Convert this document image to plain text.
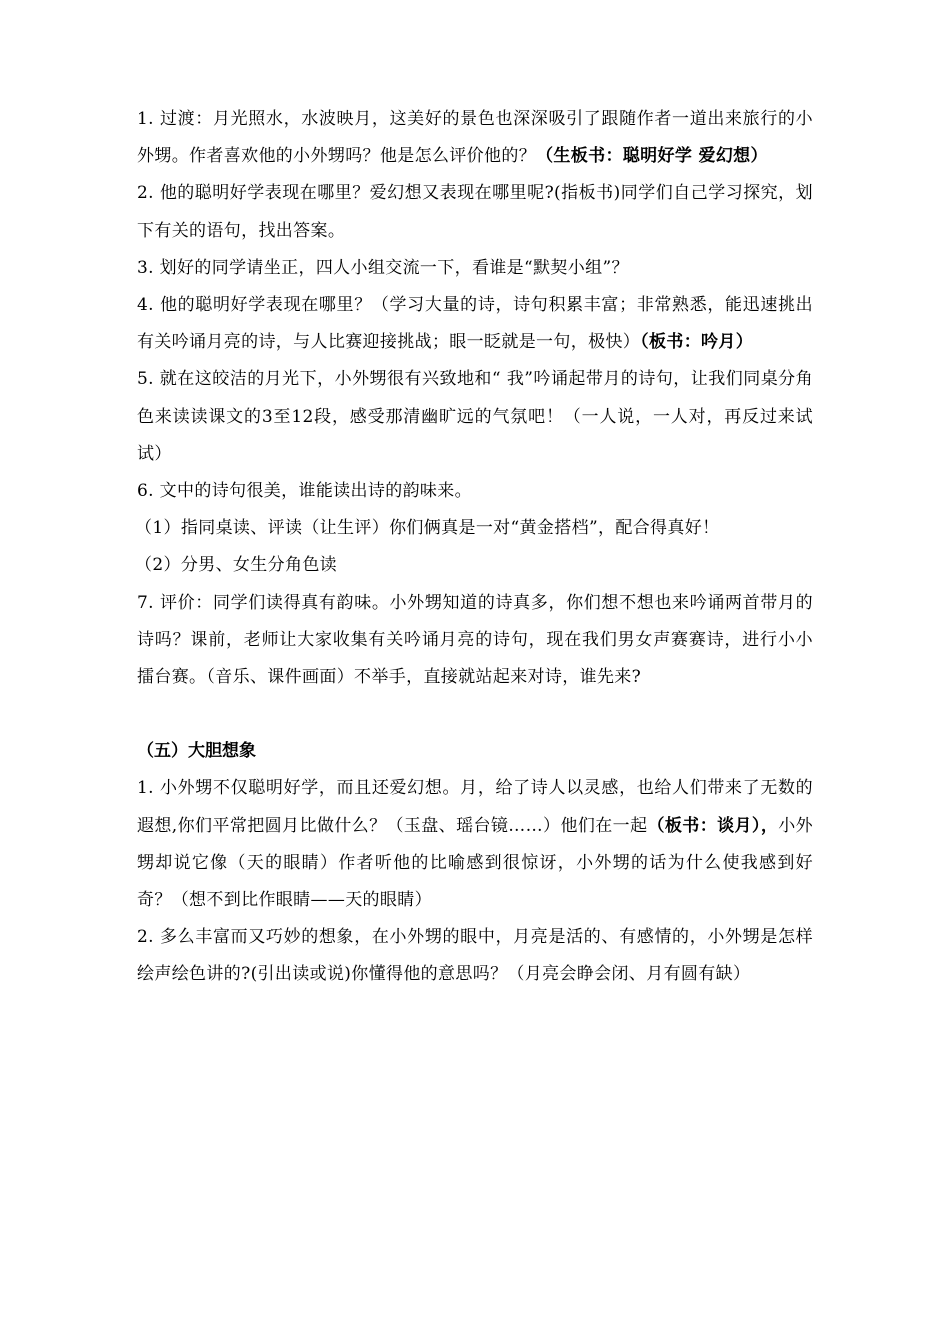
1. 过渡：月光照水，水波映月，这美好的景色也深深吸引了跟随作者一道出来旅行的小外甥。作者喜欢他的小外甥吗？他是怎么评价他的？（生板书：聪明好学 爱幻想）

2. 他的聪明好学表现在哪里？爱幻想又表现在哪里呢?(指板书)同学们自己学习探究，划下有关的语句，找出答案。

3. 划好的同学请坐正，四人小组交流一下，看谁是“默契小组”？

4. 他的聪明好学表现在哪里？（学习大量的诗，诗句积累丰富；非常熟悉，能迅速挑出有关吟诵月亮的诗，与人比赛迎接挑战；眼一眨就是一句，极快）（板书：吟月）

5. 就在这皎洁的月光下，小外甥很有兴致地和“ 我”吟诵起带月的诗句，让我们同桌分角色来读读课文的3至12段，感受那清幽旷远的气氛吧！（一人说，一人对，再反过来试试）

6. 文中的诗句很美，谁能读出诗的韵味来。

（1）指同桌读、评读（让生评）你们俩真是一对“黄金搭档”，配合得真好！

（2）分男、女生分角色读

7. 评价：同学们读得真有韵味。小外甥知道的诗真多，你们想不想也来吟诵两首带月的诗吗？课前，老师让大家收集有关吟诵月亮的诗句，现在我们男女声赛赛诗，进行小小擂台赛。（音乐、课件画面）不举手，直接就站起来对诗，谁先来?

（五）大胆想象

1. 小外甥不仅聪明好学，而且还爱幻想。月，给了诗人以灵感，也给人们带来了无数的遐想,你们平常把圆月比做什么？（玉盘、瑶台镜……）他们在一起（板书：谈月），小外甥却说它像（天的眼睛）作者听他的比喻感到很惊讶，小外甥的话为什么使我感到好奇？（想不到比作眼睛——天的眼睛）

2. 多么丰富而又巧妙的想象，在小外甥的眼中，月亮是活的、有感情的，小外甥是怎样绘声绘色讲的?(引出读或说)你懂得他的意思吗？（月亮会睁会闭、月有圆有缺）
